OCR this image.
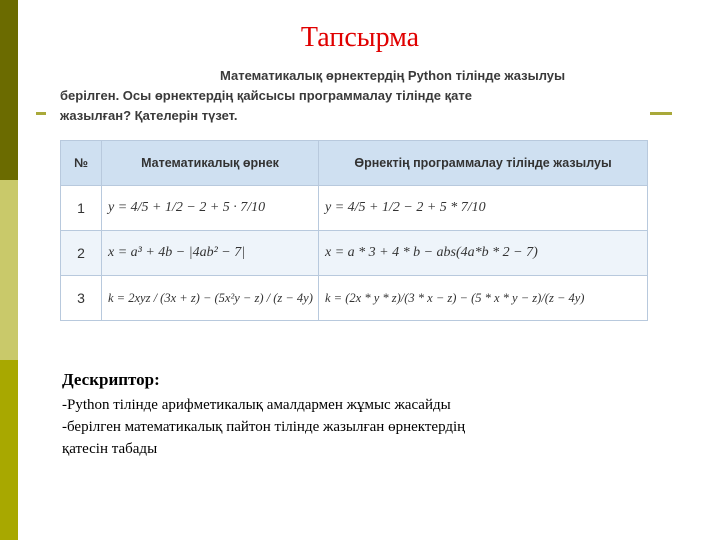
Тапсырма

Математикалық өрнектердің Python тілінде жазылуы

берілген. Осы өрнектердің қайсысы программалау тілінде қате

жазылған? Қателерін түзет.

№	Математикалық өрнек	Өрнектің программалау тілінде жазылуы
1	y = 4/5 + 1/2 − 2 + 5 · 7/10	y = 4/5 + 1/2 − 2 + 5 * 7/10
2	x = a³ + 4b − |4ab² − 7|	x = a * 3 + 4 * b − abs(4a*b * 2 − 7)
3	k = 2xyz / (3x + z) − (5x²y − z) / (z − 4y)	k = (2x * y * z)/(3 * x − z) − (5 * x * y − z)/(z − 4y)
Дескриптор:
-Python тілінде арифметикалық амалдармен жұмыс жасайды
-берілген математикалық пайтон тілінде жазылған өрнектердің
қатесін табады
